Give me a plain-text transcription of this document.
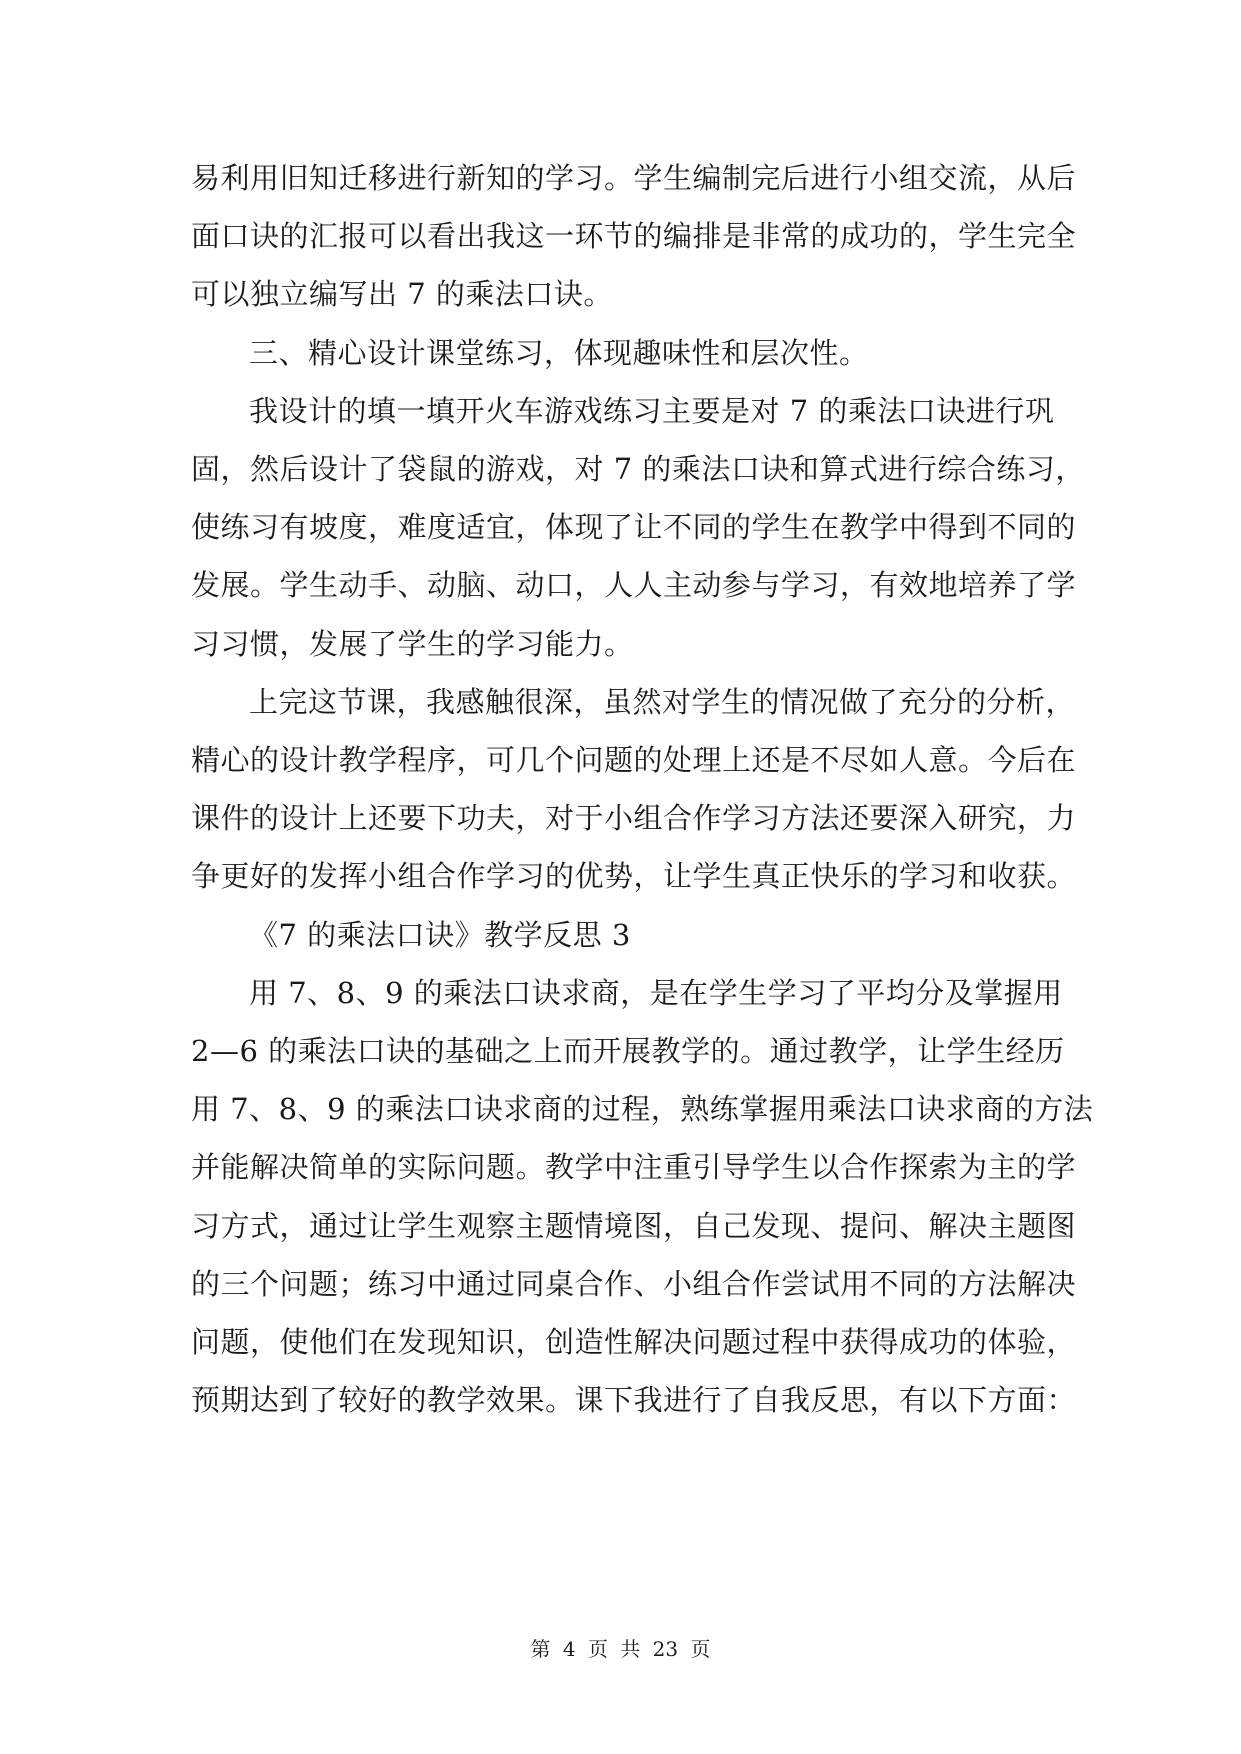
易利用旧知迁移进行新知的学习。学生编制完后进行小组交流，从后
面口诀的汇报可以看出我这一环节的编排是非常的成功的，学生完全
可以独立编写出 7 的乘法口诀。
三、精心设计课堂练习，体现趣味性和层次性。
我设计的填一填开火车游戏练习主要是对 7 的乘法口诀进行巩
固，然后设计了袋鼠的游戏，对 7 的乘法口诀和算式进行综合练习，
使练习有坡度，难度适宜，体现了让不同的学生在教学中得到不同的
发展。学生动手、动脑、动口，人人主动参与学习，有效地培养了学
习习惯，发展了学生的学习能力。
上完这节课，我感触很深，虽然对学生的情况做了充分的分析，
精心的设计教学程序，可几个问题的处理上还是不尽如人意。今后在
课件的设计上还要下功夫，对于小组合作学习方法还要深入研究，力
争更好的发挥小组合作学习的优势，让学生真正快乐的学习和收获。
《7 的乘法口诀》教学反思 3
用 7、8、9 的乘法口诀求商，是在学生学习了平均分及掌握用
2—6 的乘法口诀的基础之上而开展教学的。通过教学，让学生经历
用 7、8、9 的乘法口诀求商的过程，熟练掌握用乘法口诀求商的方法
并能解决简单的实际问题。教学中注重引导学生以合作探索为主的学
习方式，通过让学生观察主题情境图，自己发现、提问、解决主题图
的三个问题；练习中通过同桌合作、小组合作尝试用不同的方法解决
问题，使他们在发现知识，创造性解决问题过程中获得成功的体验，
预期达到了较好的教学效果。课下我进行了自我反思，有以下方面：
第 4 页 共 23 页
